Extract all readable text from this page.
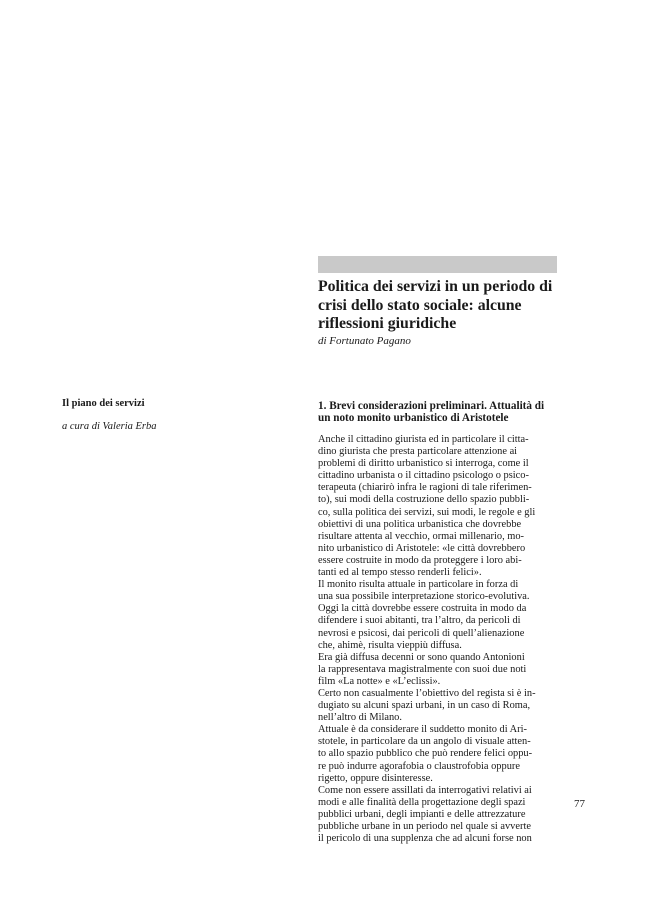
Politica dei servizi in un periodo di
crisi dello stato sociale: alcune
riflessioni giuridiche

di Fortunato Pagano

Il piano dei servizi

a cura di Valeria Erba

1. Brevi considerazioni preliminari. Attualità di
un noto monito urbanistico di Aristotele
Anche il cittadino giurista ed in particolare il citta-
dino giurista che presta particolare attenzione ai
problemi di diritto urbanistico si interroga, come il
cittadino urbanista o il cittadino psicologo o psico-
terapeuta (chiarirò infra le ragioni di tale riferimen-
to), sui modi della costruzione dello spazio pubbli-
co, sulla politica dei servizi, sui modi, le regole e gli
obiettivi di una politica urbanistica che dovrebbe
risultare attenta al vecchio, ormai millenario, mo-
nito urbanistico di Aristotele: «le città dovrebbero
essere costruite in modo da proteggere i loro abi-
tanti ed al tempo stesso renderli felici».
Il monito risulta attuale in particolare in forza di
una sua possibile interpretazione storico-evolutiva.
Oggi la città dovrebbe essere costruita in modo da
difendere i suoi abitanti, tra l’altro, da pericoli di
nevrosi e psicosi, dai pericoli di quell’alienazione
che, ahimè, risulta vieppiù diffusa.
Era già diffusa decenni or sono quando Antonioni
la rappresentava magistralmente con suoi due noti
film «La notte» e «L’eclissi».
Certo non casualmente l’obiettivo del regista si è in-
dugiato su alcuni spazi urbani, in un caso di Roma,
nell’altro di Milano.
Attuale è da considerare il suddetto monito di Ari-
stotele, in particolare da un angolo di visuale atten-
to allo spazio pubblico che può rendere felici oppu-
re può indurre agorafobia o claustrofobia oppure
rigetto, oppure disinteresse.
Come non essere assillati da interrogativi relativi ai
modi e alle finalità della progettazione degli spazi
pubblici urbani, degli impianti e delle attrezzature
pubbliche urbane in un periodo nel quale si avverte
il pericolo di una supplenza che ad alcuni forse non

77
